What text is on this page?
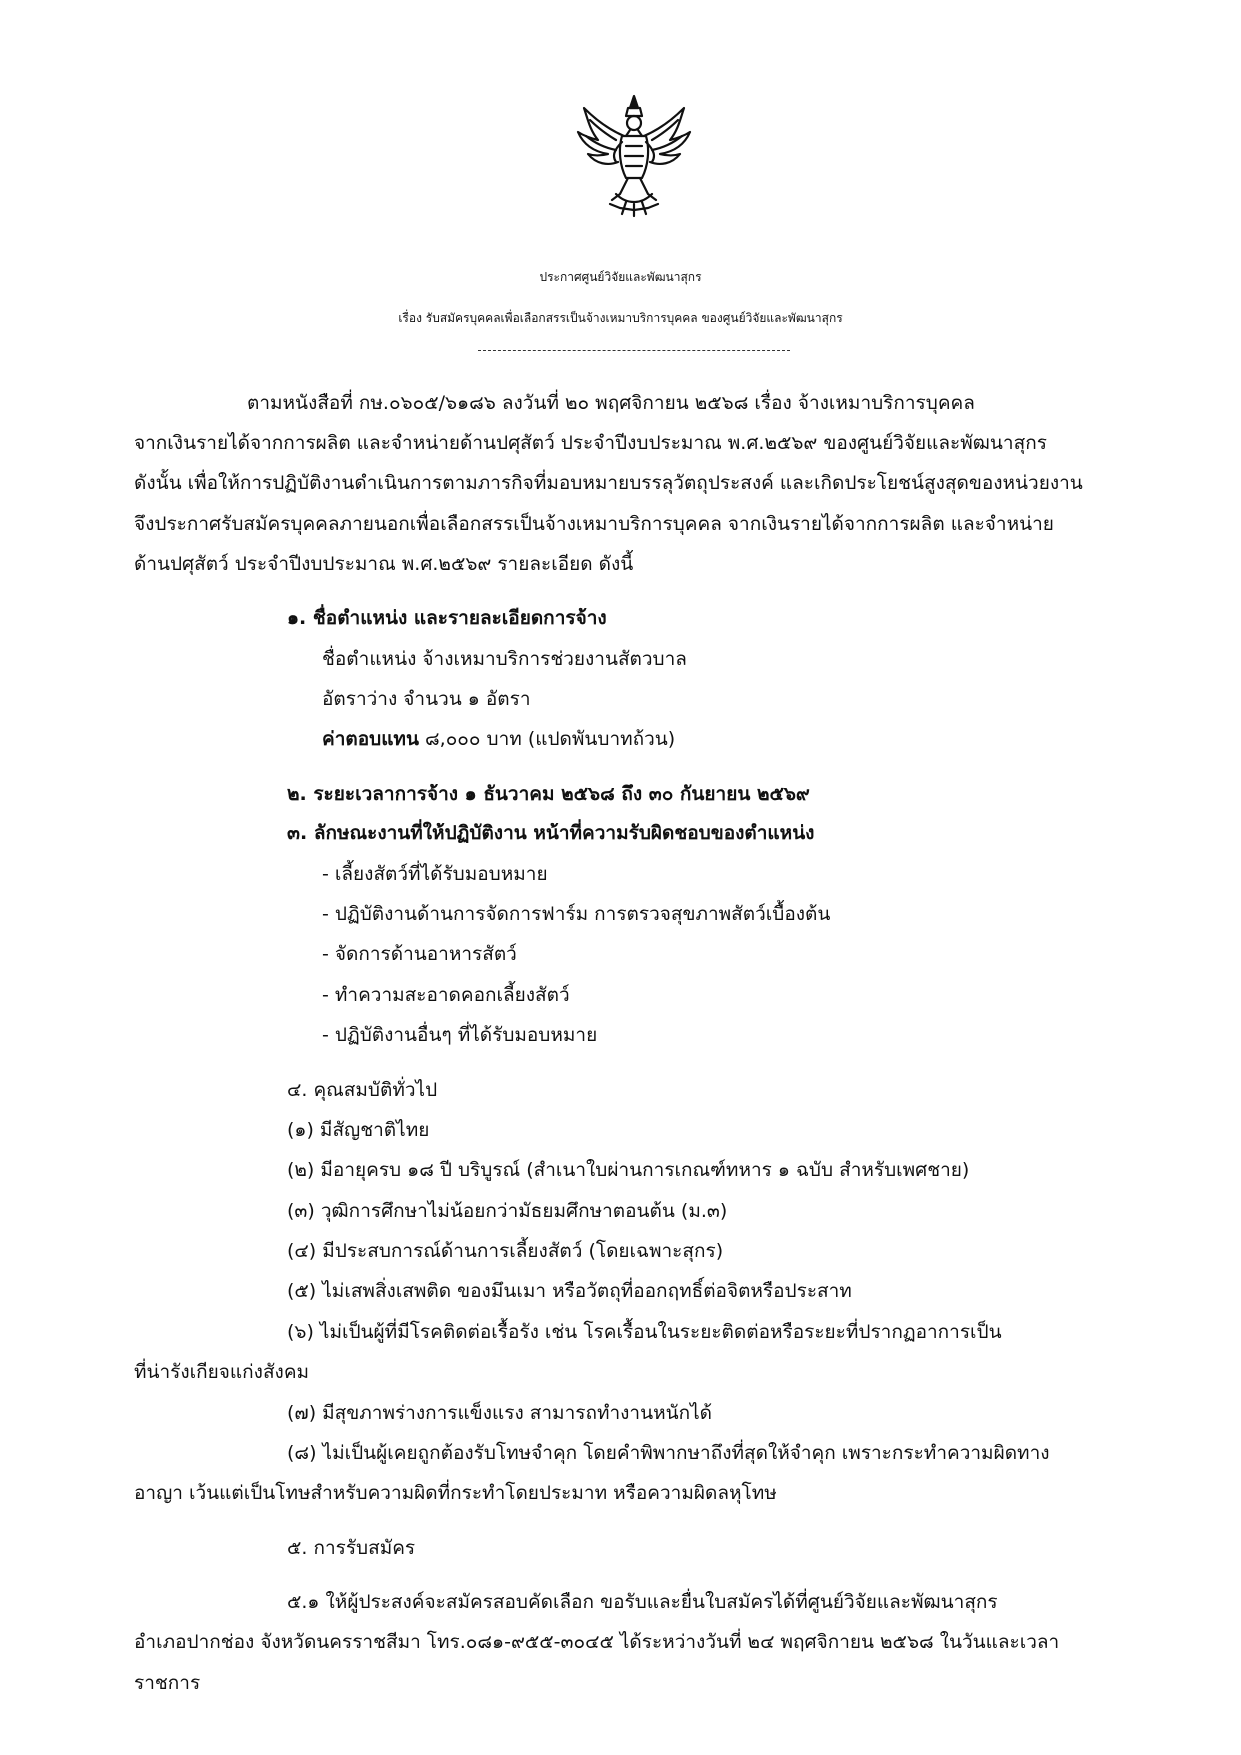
ประกาศศูนย์วิจัยและพัฒนาสุกร
เรื่อง รับสมัครบุคคลเพื่อเลือกสรรเป็นจ้างเหมาบริการบุคคล ของศูนย์วิจัยและพัฒนาสุกร
ตามหนังสือที่ กษ.๐๖๐๕/๖๑๘๖ ลงวันที่ ๒๐ พฤศจิกายน ๒๕๖๘ เรื่อง จ้างเหมาบริการบุคคล
จากเงินรายได้จากการผลิต และจำหน่ายด้านปศุสัตว์ ประจำปีงบประมาณ พ.ศ.๒๕๖๙ ของศูนย์วิจัยและพัฒนาสุกร
ดังนั้น เพื่อให้การปฏิบัติงานดำเนินการตามภารกิจที่มอบหมายบรรลุวัตถุประสงค์ และเกิดประโยชน์สูงสุดของหน่วยงาน
จึงประกาศรับสมัครบุคคลภายนอกเพื่อเลือกสรรเป็นจ้างเหมาบริการบุคคล จากเงินรายได้จากการผลิต และจำหน่าย
ด้านปศุสัตว์ ประจำปีงบประมาณ พ.ศ.๒๕๖๙ รายละเอียด ดังนี้
๑. ชื่อตำแหน่ง และรายละเอียดการจ้าง
ชื่อตำแหน่ง จ้างเหมาบริการช่วยงานสัตวบาล
อัตราว่าง จำนวน ๑ อัตรา
ค่าตอบแทน ๘,๐๐๐ บาท (แปดพันบาทถ้วน)
๒. ระยะเวลาการจ้าง ๑ ธันวาคม ๒๕๖๘ ถึง ๓๐ กันยายน ๒๕๖๙
๓. ลักษณะงานที่ให้ปฏิบัติงาน หน้าที่ความรับผิดชอบของตำแหน่ง
- เลี้ยงสัตว์ที่ได้รับมอบหมาย
- ปฏิบัติงานด้านการจัดการฟาร์ม การตรวจสุขภาพสัตว์เบื้องต้น
- จัดการด้านอาหารสัตว์
- ทำความสะอาดคอกเลี้ยงสัตว์
- ปฏิบัติงานอื่นๆ ที่ได้รับมอบหมาย
๔. คุณสมบัติทั่วไป
(๑) มีสัญชาติไทย
(๒) มีอายุครบ ๑๘ ปี บริบูรณ์ (สำเนาใบผ่านการเกณฑ์ทหาร ๑ ฉบับ สำหรับเพศชาย)
(๓) วุฒิการศึกษาไม่น้อยกว่ามัธยมศึกษาตอนต้น (ม.๓)
(๔) มีประสบการณ์ด้านการเลี้ยงสัตว์ (โดยเฉพาะสุกร)
(๕) ไม่เสพสิ่งเสพติด ของมึนเมา หรือวัตถุที่ออกฤทธิ์ต่อจิตหรือประสาท
(๖) ไม่เป็นผู้ที่มีโรคติดต่อเรื้อรัง เช่น โรคเรื้อนในระยะติดต่อหรือระยะที่ปรากฏอาการเป็น
ที่น่ารังเกียจแก่งสังคม
(๗) มีสุขภาพร่างการแข็งแรง สามารถทำงานหนักได้
(๘) ไม่เป็นผู้เคยถูกต้องรับโทษจำคุก โดยคำพิพากษาถึงที่สุดให้จำคุก เพราะกระทำความผิดทาง
อาญา เว้นแต่เป็นโทษสำหรับความผิดที่กระทำโดยประมาท หรือความผิดลหุโทษ
๕. การรับสมัคร
๕.๑ ให้ผู้ประสงค์จะสมัครสอบคัดเลือก ขอรับและยื่นใบสมัครได้ที่ศูนย์วิจัยและพัฒนาสุกร
อำเภอปากช่อง จังหวัดนครราชสีมา โทร.๐๘๑-๙๕๕-๓๐๔๕ ได้ระหว่างวันที่ ๒๔ พฤศจิกายน ๒๕๖๘ ในวันและเวลา
ราชการ
